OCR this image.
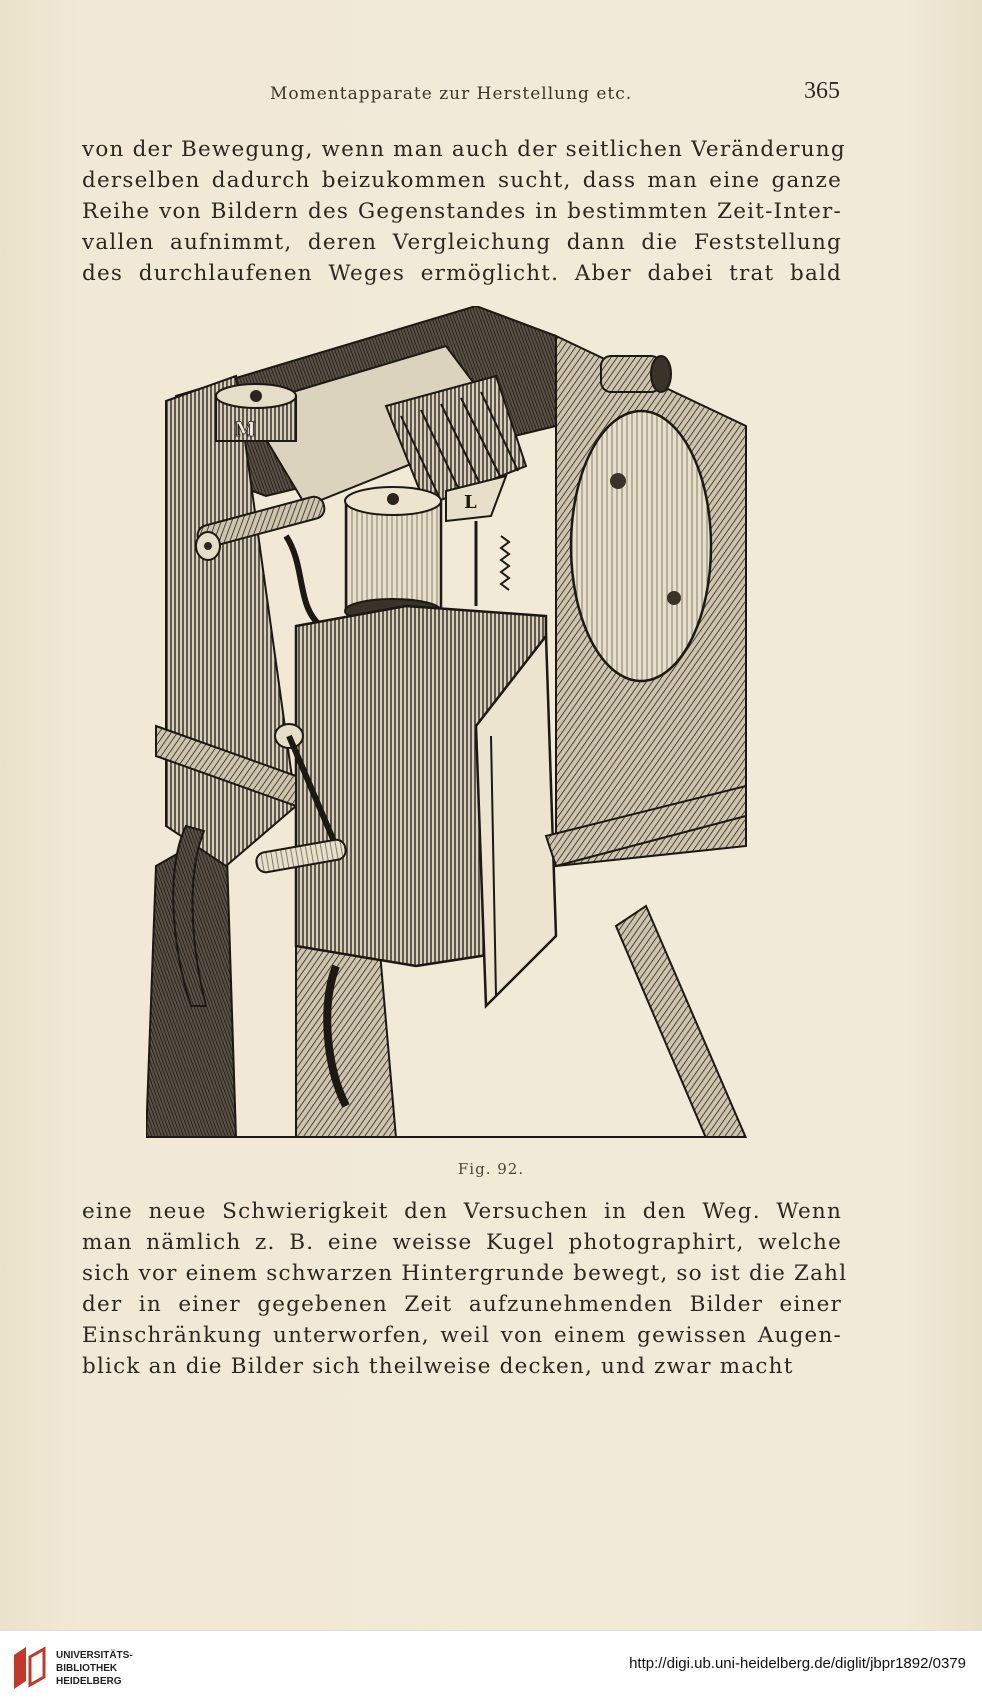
Momentapparate zur Herstellung etc.	365

von der Bewegung, wenn man auch der seitlichen Veränderung
derselben dadurch beizukommen sucht, dass man eine ganze
Reihe von Bildern des Gegenstandes in bestimmten Zeit-Inter-
vallen aufnimmt, deren Vergleichung dann die Feststellung
des durchlaufenen Weges ermöglicht. Aber dabei trat bald

M
L
Fig. 92.

eine neue Schwierigkeit den Versuchen in den Weg. Wenn
man nämlich z. B. eine weisse Kugel photographirt, welche
sich vor einem schwarzen Hintergrunde bewegt, so ist die Zahl
der in einer gegebenen Zeit aufzunehmenden Bilder einer
Einschränkung unterworfen, weil von einem gewissen Augen-
blick an die Bilder sich theilweise decken, und zwar macht

UNIVERSITÄTS-
BIBLIOTHEK
HEIDELBERG
http://digi.ub.uni-heidelberg.de/diglit/jbpr1892/0379
